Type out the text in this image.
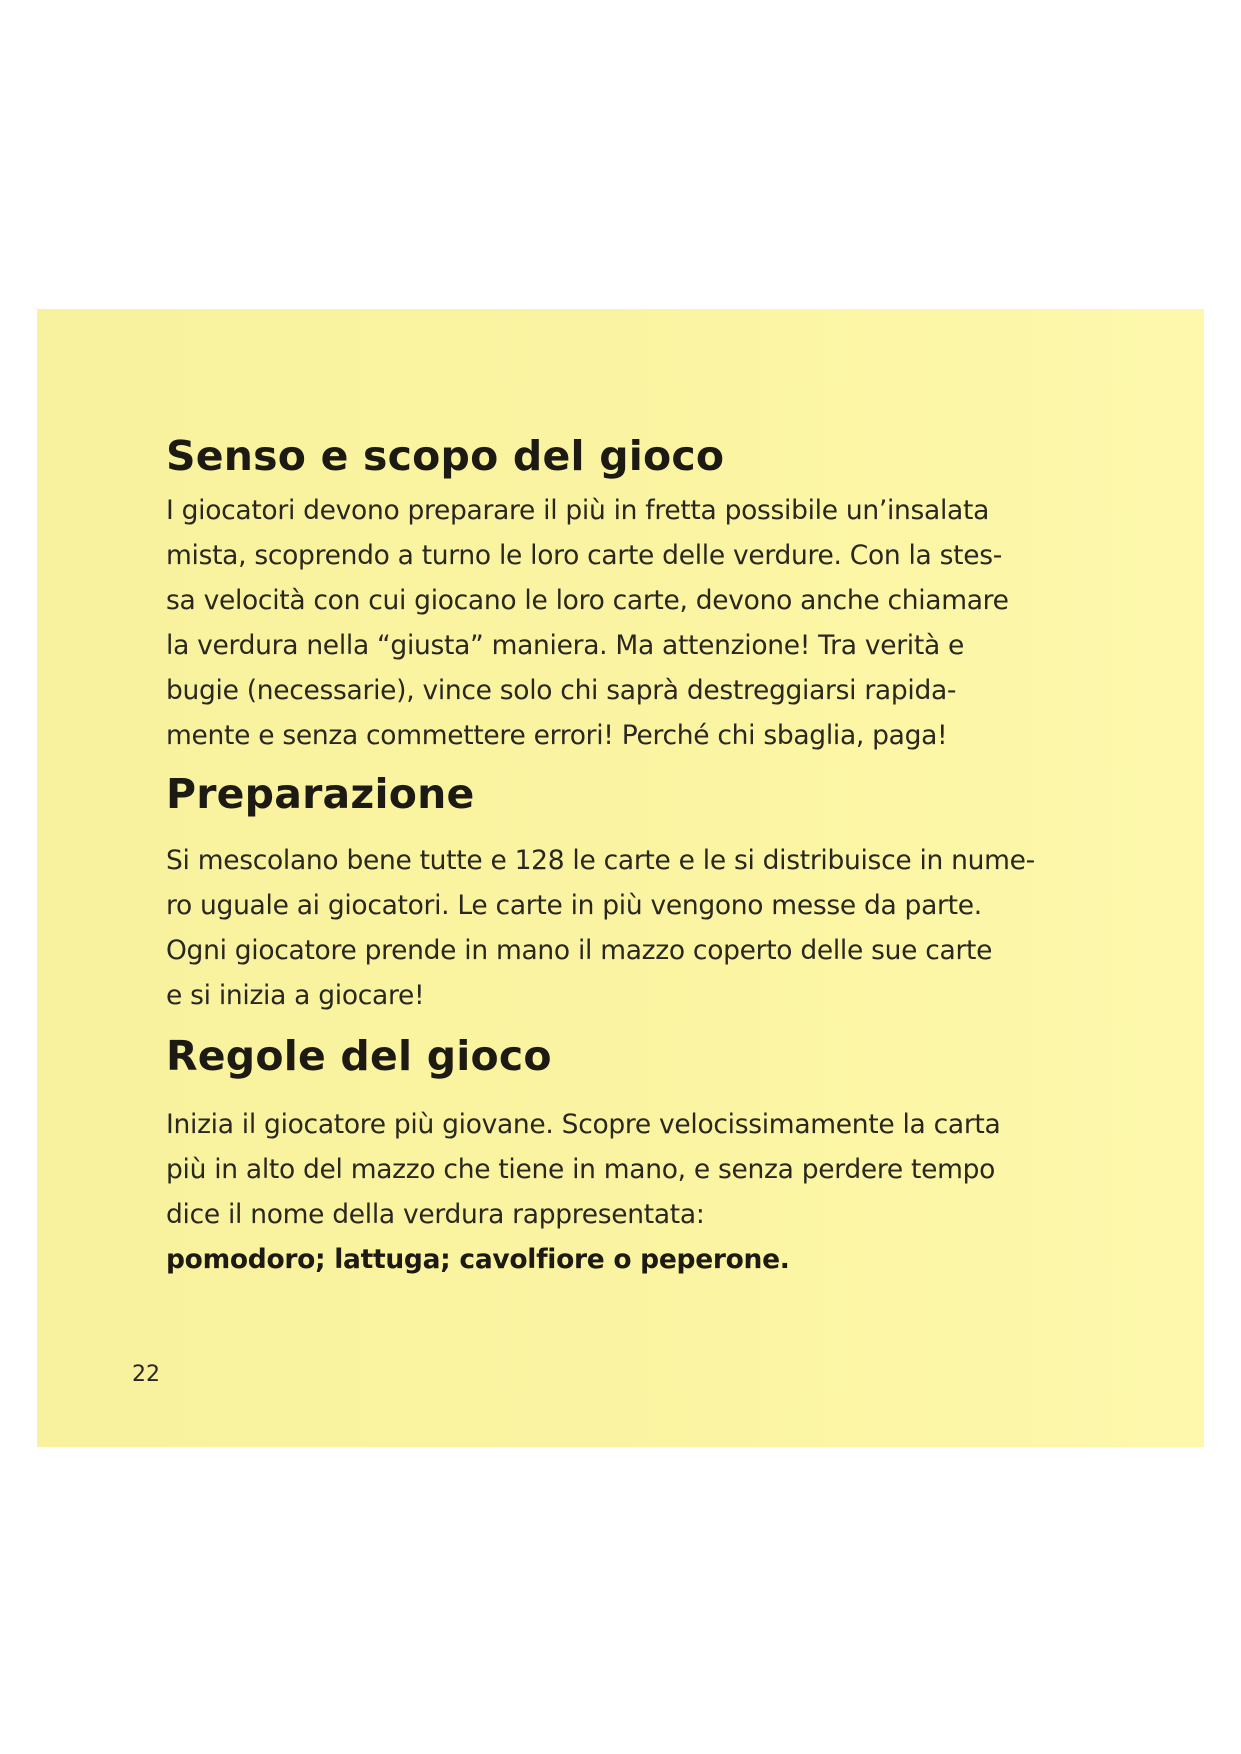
Senso e scopo del gioco

I giocatori devono preparare il più in fretta possibile un’insalata
mista, scoprendo a turno le loro carte delle verdure. Con la stes-
sa velocità con cui giocano le loro carte, devono anche chiamare
la verdura nella “giusta” maniera. Ma attenzione! Tra verità e
bugie (necessarie), vince solo chi saprà destreggiarsi rapida-
mente e senza commettere errori! Perché chi sbaglia, paga!

Preparazione

Si mescolano bene tutte e 128 le carte e le si distribuisce in nume-
ro uguale ai giocatori. Le carte in più vengono messe da parte.
Ogni giocatore prende in mano il mazzo coperto delle sue carte
e si inizia a giocare!

Regole del gioco

Inizia il giocatore più giovane. Scopre velocissimamente la carta
più in alto del mazzo che tiene in mano, e senza perdere tempo
dice il nome della verdura rappresentata:
pomodoro; lattuga; cavolfiore o peperone.

22
